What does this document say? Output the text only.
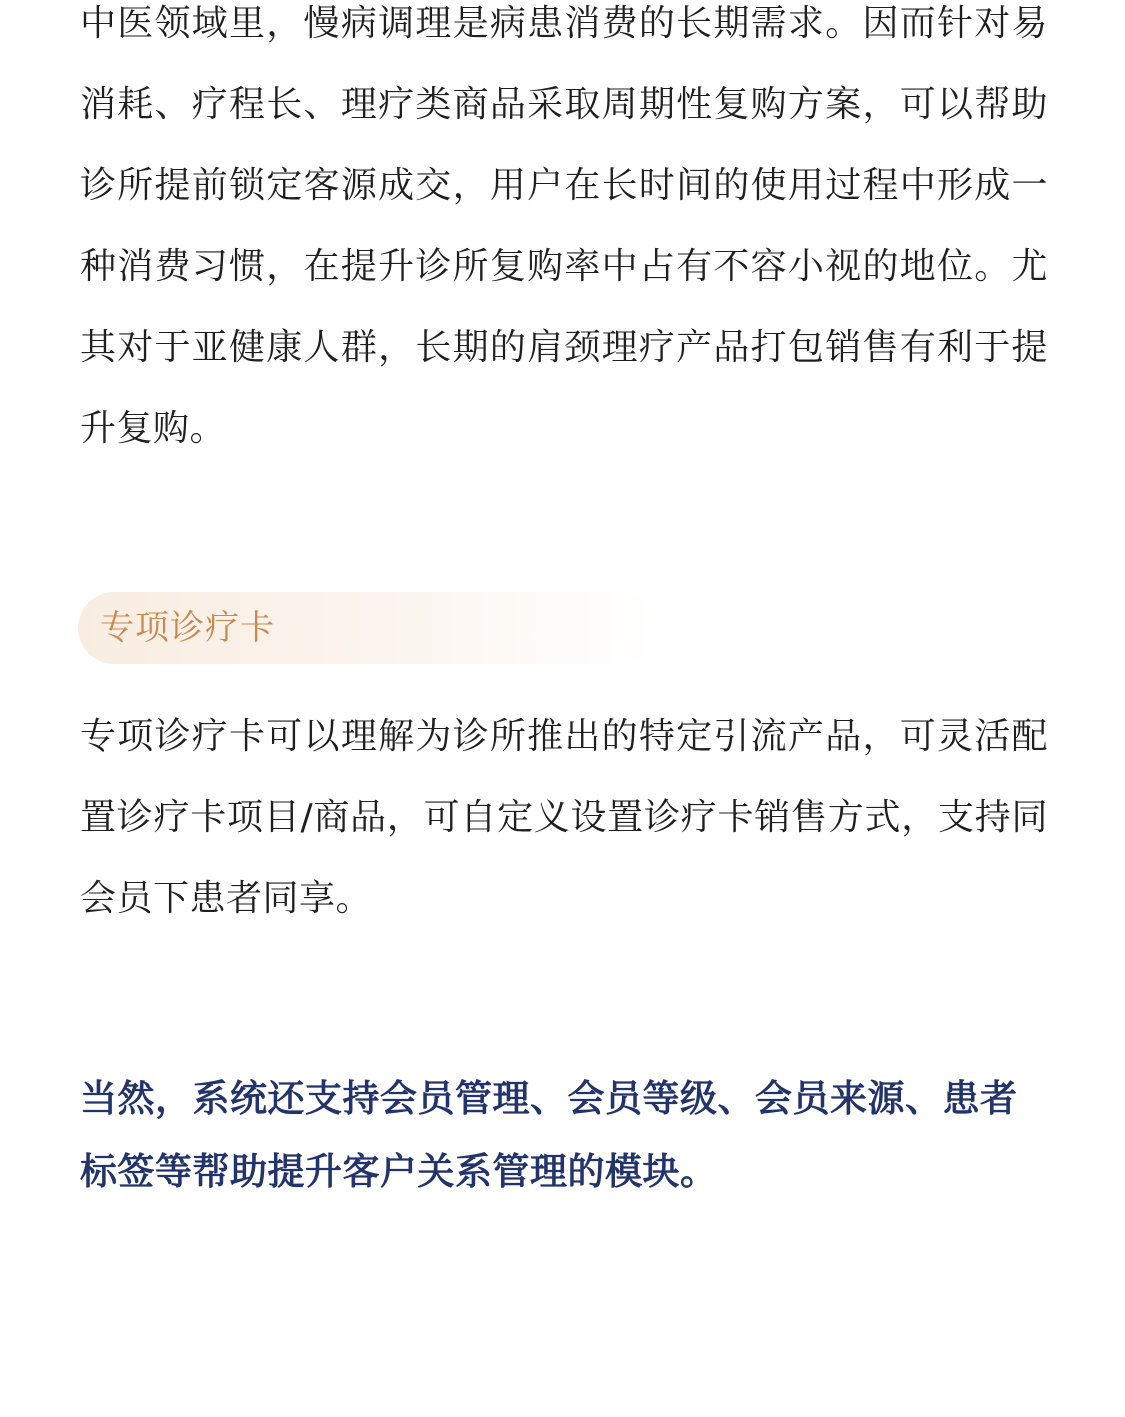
中医领域里，慢病调理是病患消费的长期需求。因而针对易消耗、疗程长、理疗类商品采取周期性复购方案，可以帮助诊所提前锁定客源成交，用户在长时间的使用过程中形成一种消费习惯，在提升诊所复购率中占有不容小视的地位。尤其对于亚健康人群，长期的肩颈理疗产品打包销售有利于提升复购。

专项诊疗卡

专项诊疗卡可以理解为诊所推出的特定引流产品，可灵活配置诊疗卡项目/商品，可自定义设置诊疗卡销售方式，支持同会员下患者同享。

当然，系统还支持会员管理、会员等级、会员来源、患者标签等帮助提升客户关系管理的模块。
